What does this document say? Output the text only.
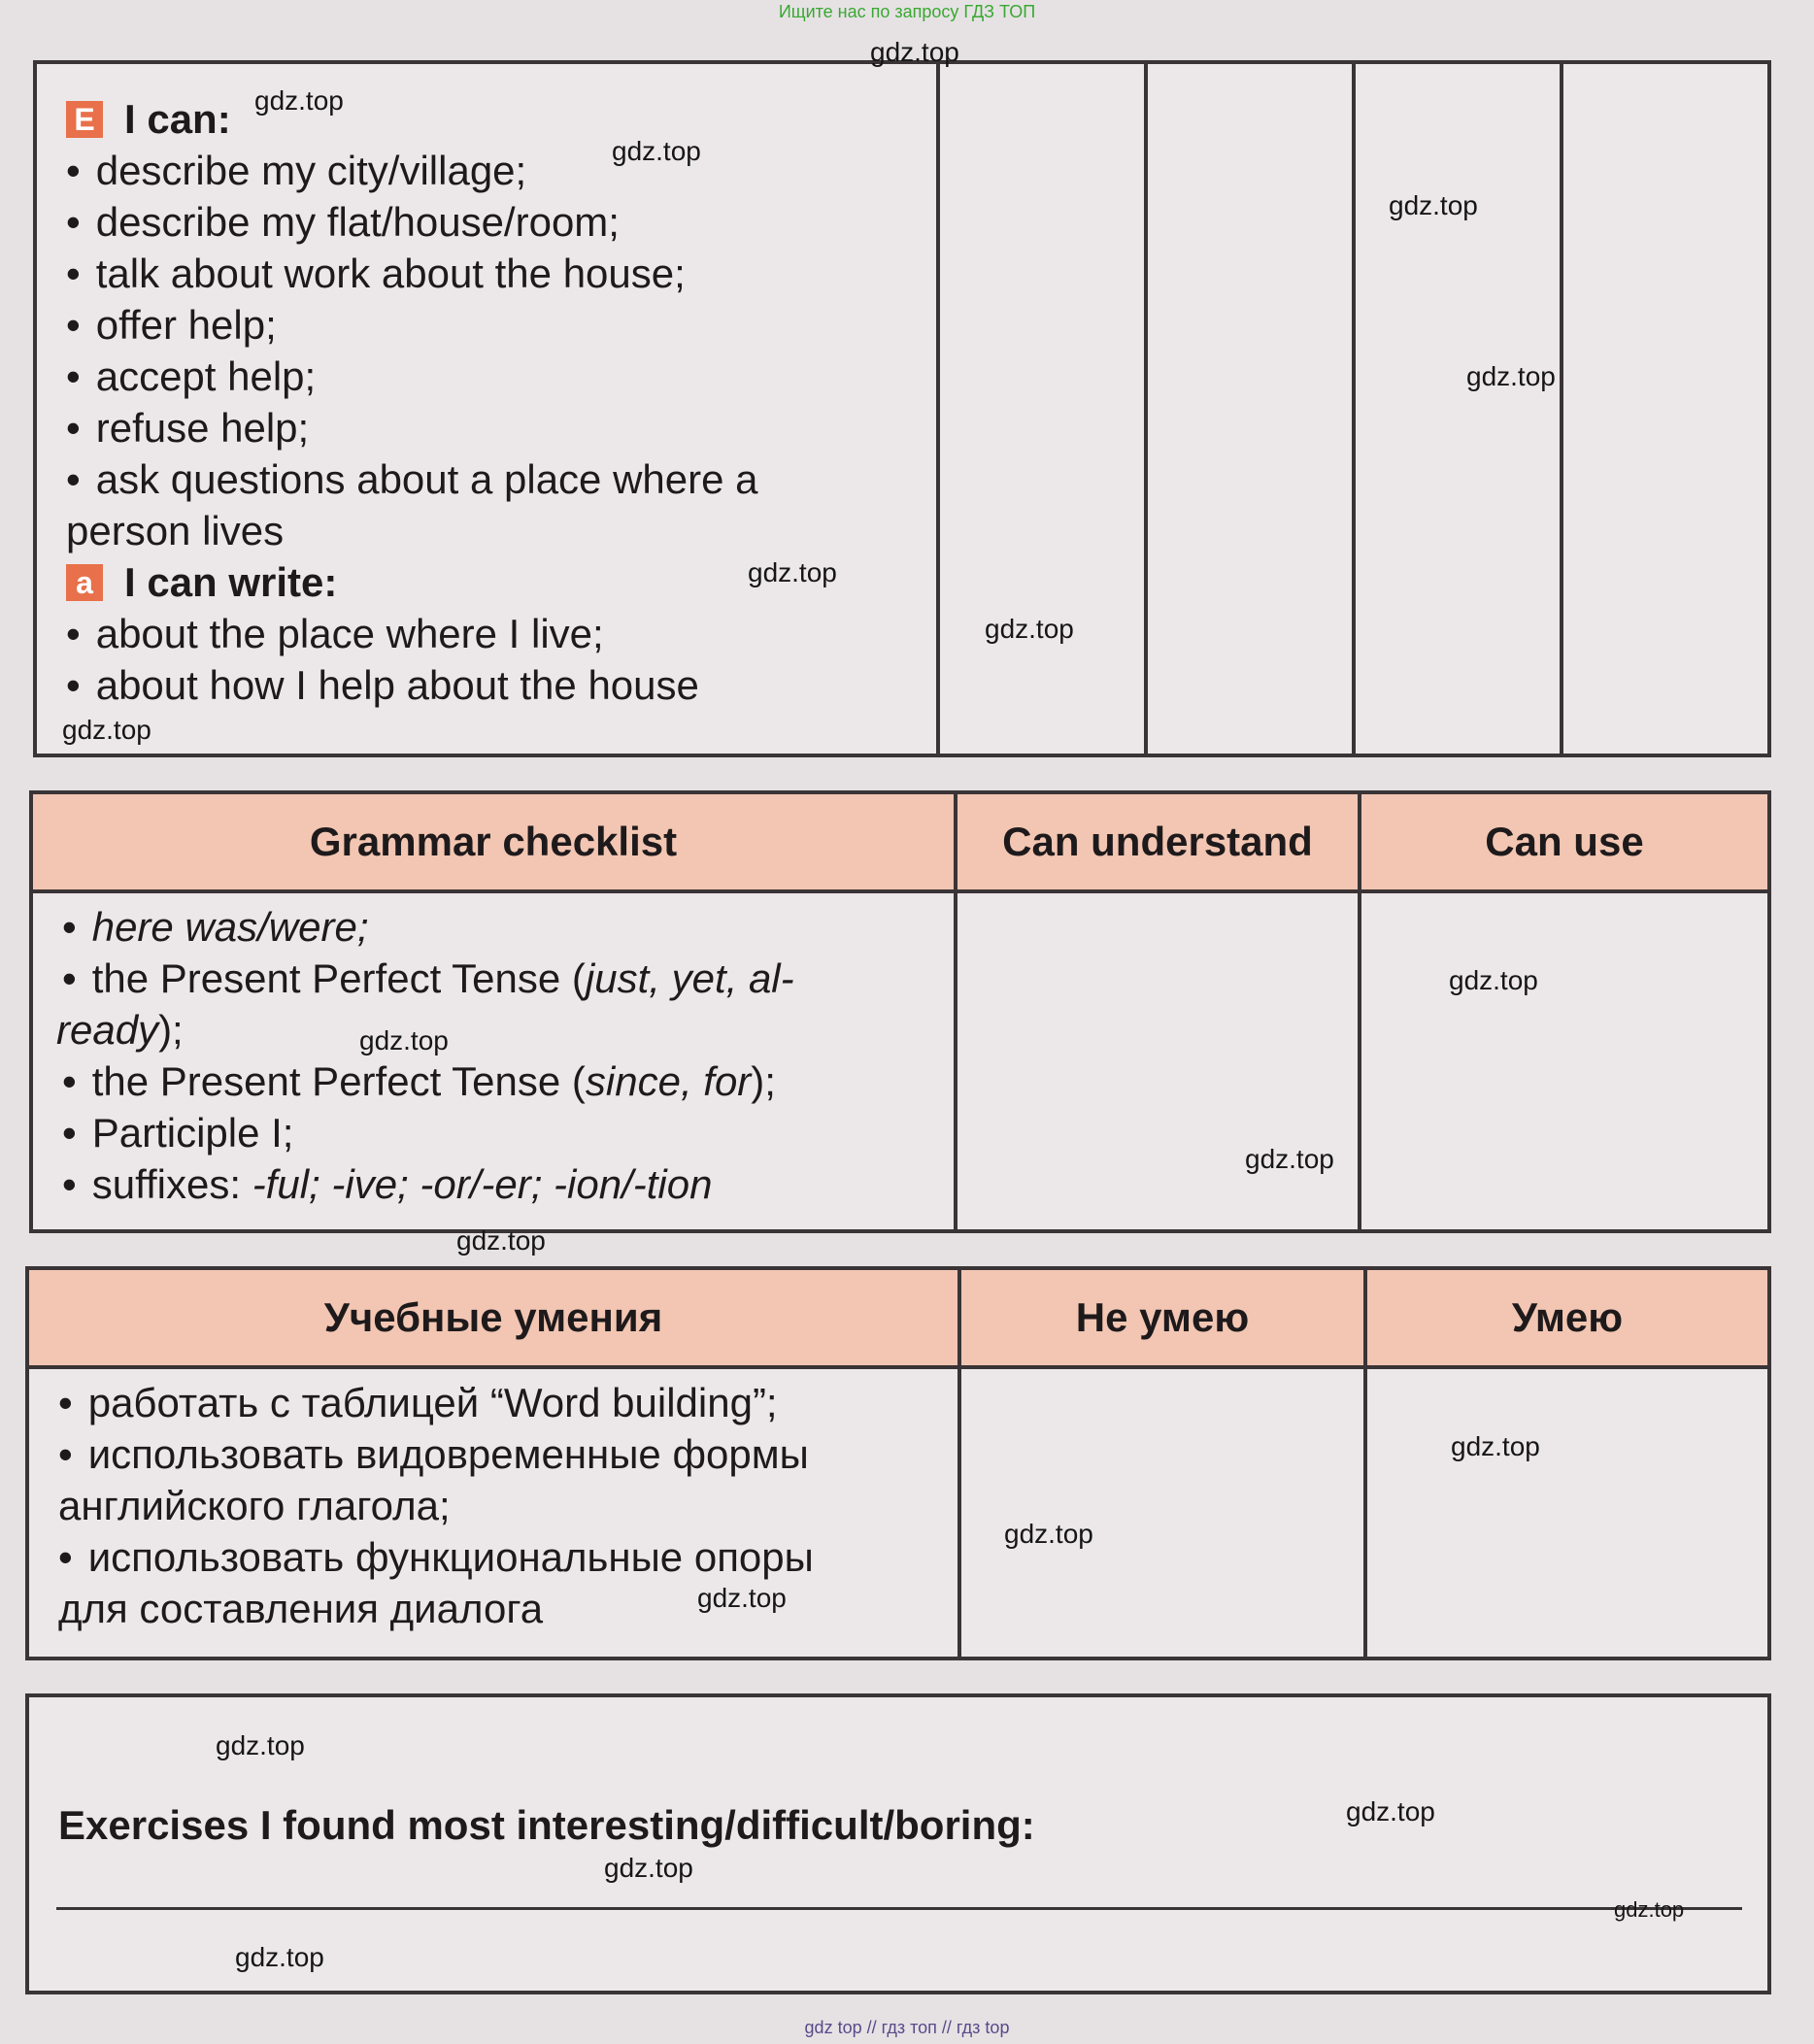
Ищите нас по запросу ГДЗ ТОП
E I can:
• describe my city/village;
• describe my flat/house/room;
• talk about work about the house;
• offer help;
• accept help;
• refuse help;
• ask questions about a place where a
person lives
a I can write:
• about the place where I live;
• about how I help about the house
Grammar checklist	Can understand	Can use
• here was/were;
• the Present Perfect Tense (just, yet, al-
ready);
• the Present Perfect Tense (since, for);
• Participle I;
• suffixes: -ful; -ive; -or/-er; -ion/-tion
Учебные умения	Не умею	Умею
• работать с таблицей “Word building”;
• использовать видовременные формы
английского глагола;
• использовать функциональные опоры
для составления диалога
Exercises I found most interesting/difficult/boring:
gdz.top
gdz.top
gdz.top
gdz.top
gdz.top
gdz.top
gdz.top
gdz.top
gdz.top
gdz.top
gdz.top
gdz.top
gdz.top
gdz.top
gdz.top
gdz.top
gdz.top
gdz.top
gdz.top
gdz.top
gdz top // гдз топ // гдз top
